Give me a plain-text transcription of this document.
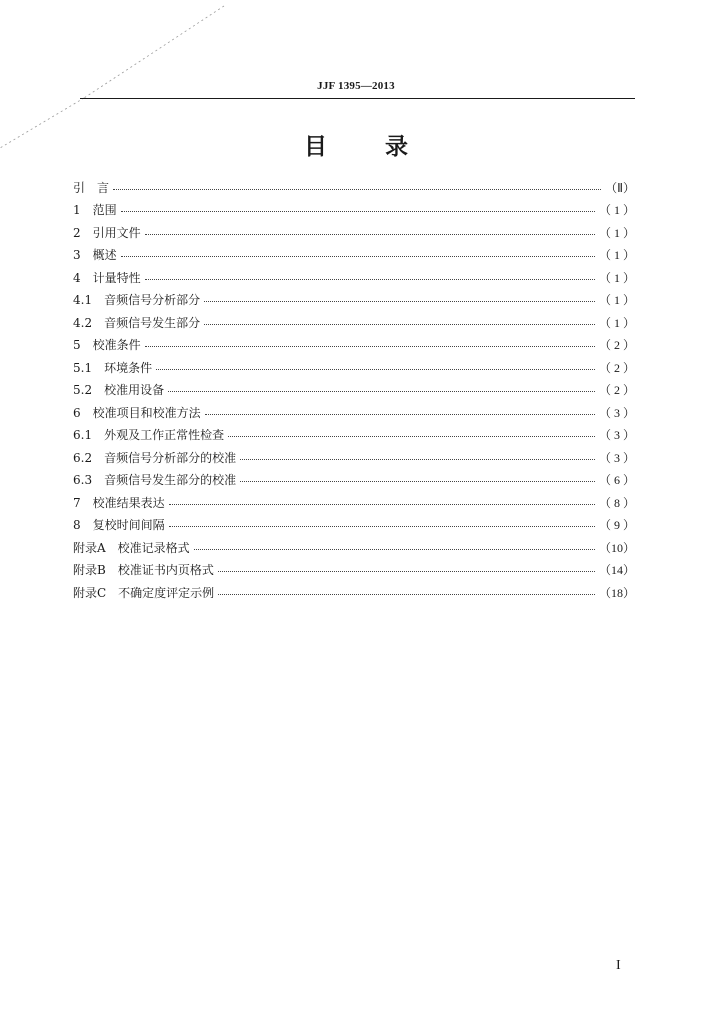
JJF 1395—2013
目录
引　言	（Ⅱ）
1　范围	（ 1 ）
2　引用文件	（ 1 ）
3　概述	（ 1 ）
4　计量特性	（ 1 ）
4.1　音频信号分析部分	（ 1 ）
4.2　音频信号发生部分	（ 1 ）
5　校准条件	（ 2 ）
5.1　环境条件	（ 2 ）
5.2　校准用设备	（ 2 ）
6　校准项目和校准方法	（ 3 ）
6.1　外观及工作正常性检查	（ 3 ）
6.2　音频信号分析部分的校准	（ 3 ）
6.3　音频信号发生部分的校准	（ 6 ）
7　校准结果表达	（ 8 ）
8　复校时间间隔	（ 9 ）
附录A　校准记录格式	（10）
附录B　校准证书内页格式	（14）
附录C　不确定度评定示例	（18）
I
